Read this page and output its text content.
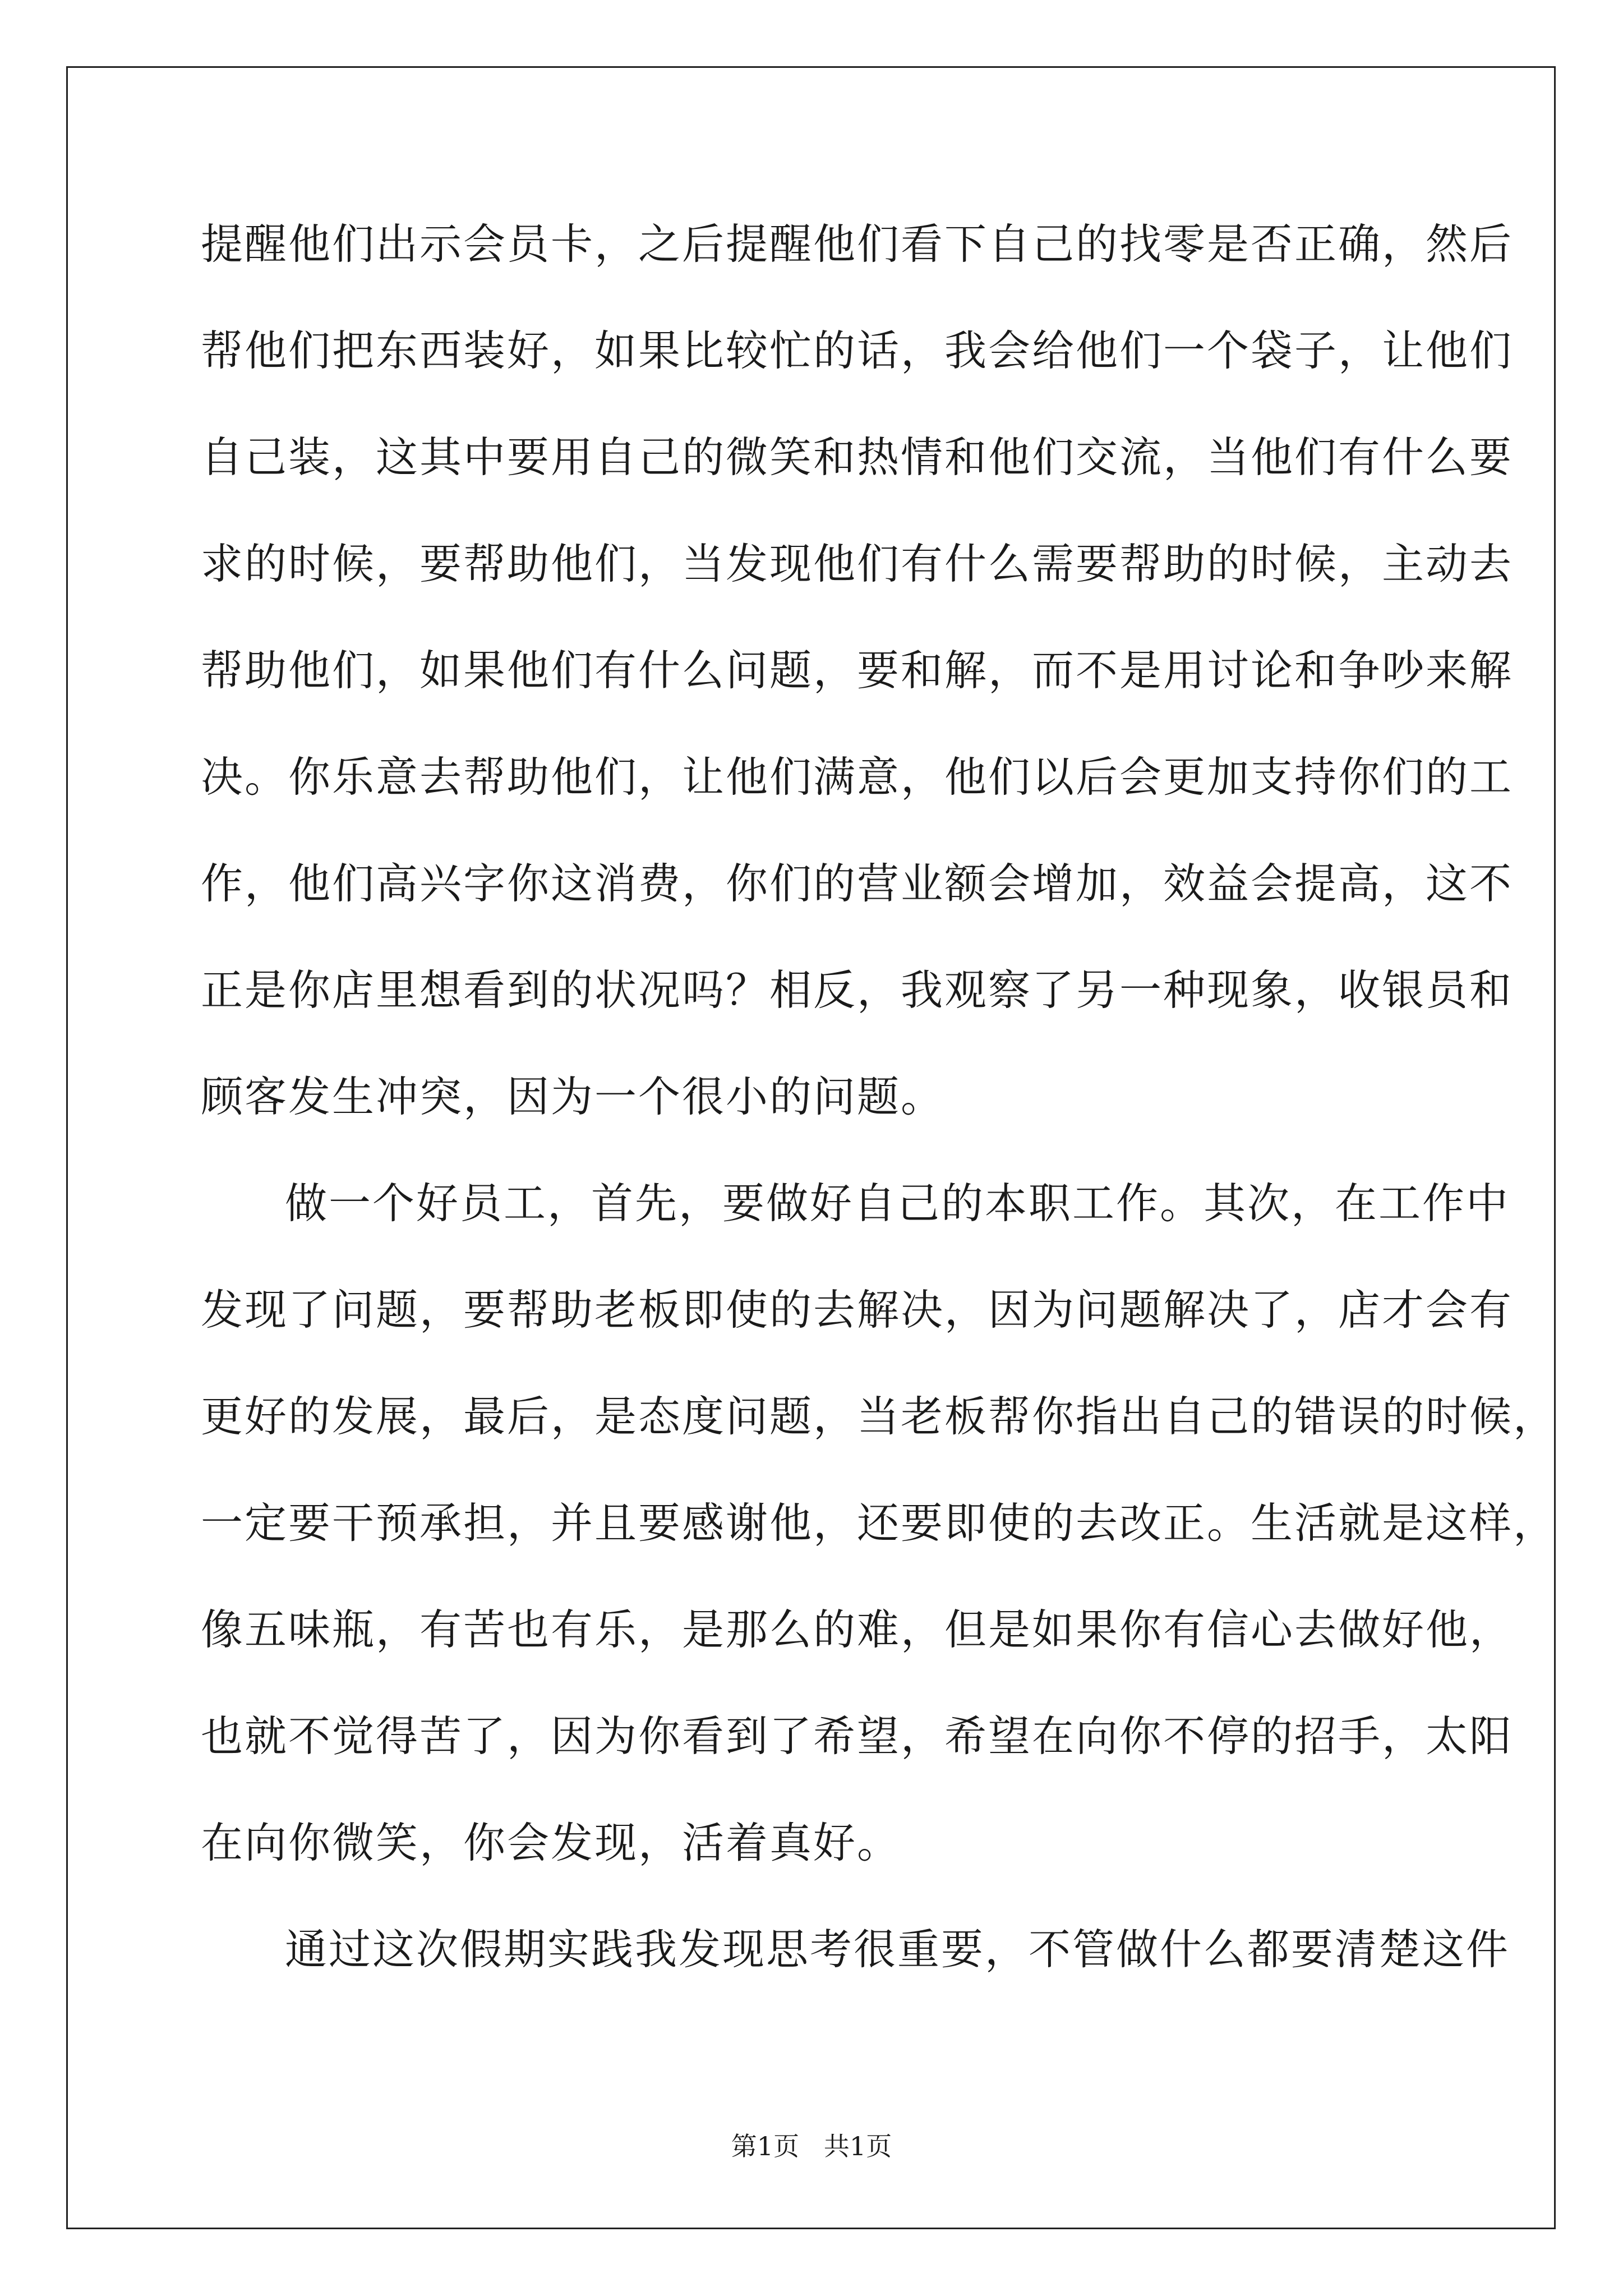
提醒他们出示会员卡，之后提醒他们看下自己的找零是否正确，然后
帮他们把东西装好，如果比较忙的话，我会给他们一个袋子，让他们
自己装，这其中要用自己的微笑和热情和他们交流，当他们有什么要
求的时候，要帮助他们，当发现他们有什么需要帮助的时候，主动去
帮助他们，如果他们有什么问题，要和解，而不是用讨论和争吵来解
决。你乐意去帮助他们，让他们满意，他们以后会更加支持你们的工
作，他们高兴字你这消费，你们的营业额会增加，效益会提高，这不
正是你店里想看到的状况吗？相反，我观察了另一种现象，收银员和
顾客发生冲突，因为一个很小的问题。
做一个好员工，首先，要做好自己的本职工作。其次，在工作中
发现了问题，要帮助老板即使的去解决，因为问题解决了，店才会有
更好的发展，最后，是态度问题，当老板帮你指出自己的错误的时候，
一定要干预承担，并且要感谢他，还要即使的去改正。生活就是这样，
像五味瓶，有苦也有乐，是那么的难，但是如果你有信心去做好他，
也就不觉得苦了，因为你看到了希望，希望在向你不停的招手，太阳
在向你微笑，你会发现，活着真好。
通过这次假期实践我发现思考很重要，不管做什么都要清楚这件
第1页   共1页
